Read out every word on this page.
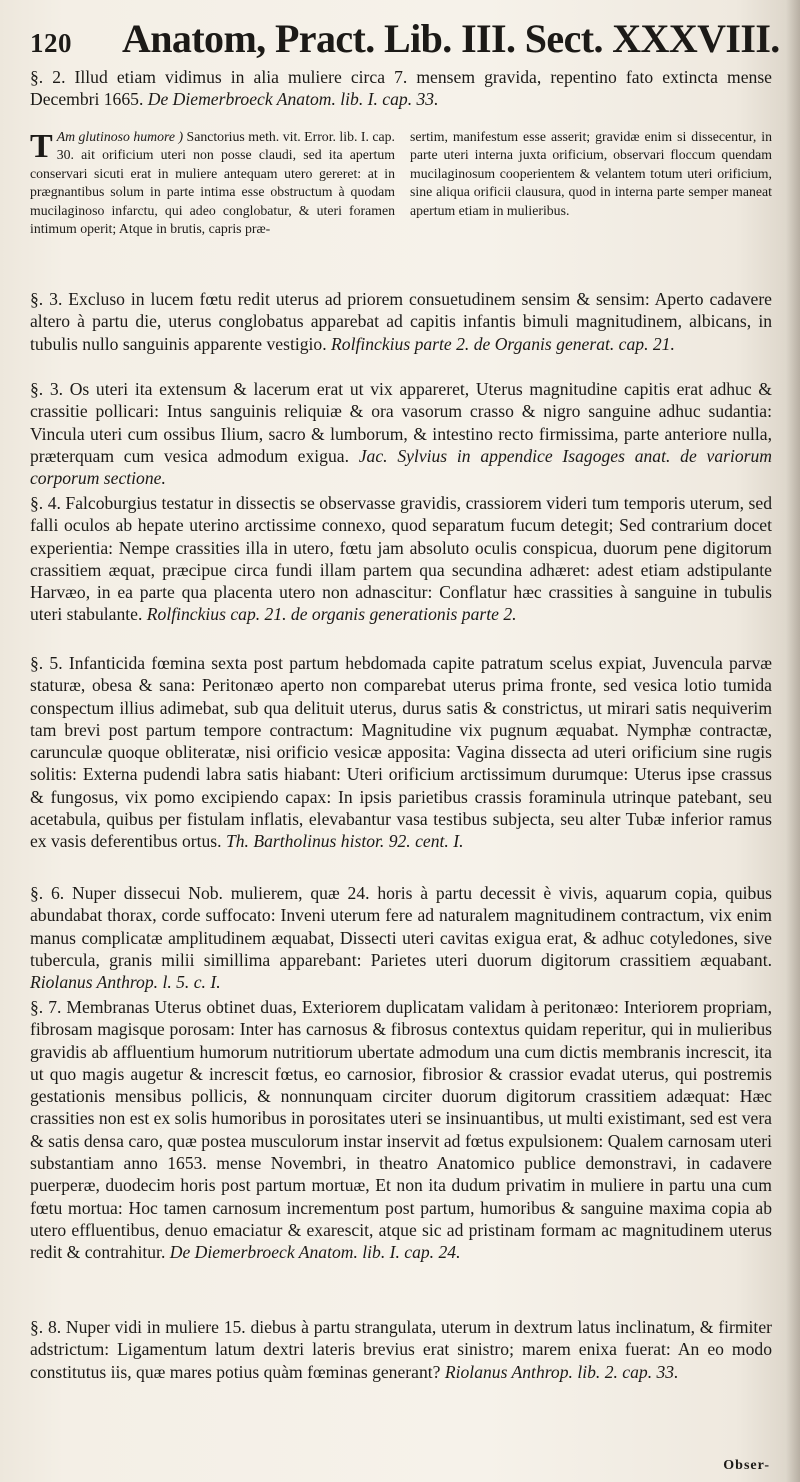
120 Anatom, Pract. Lib. III. Sect. XXXVIII.

§. 2. Illud etiam vidimus in alia muliere circa 7. mensem gravida, repentino fato extincta mense Decembri 1665. De Diemerbroeck Anatom. lib. I. cap. 33.

T Am glutinoso humore ) Sanctorius meth. vit. Error. lib. I. cap. 30. ait orificium uteri non posse claudi, sed ita apertum conservari sicuti erat in muliere antequam utero gereret: at in prægnantibus solum in parte intima esse obstructum à quodam mucilaginoso infarctu, qui adeo conglobatur, & uteri foramen intimum operit; Atque in brutis, capris præ-

sertim, manifestum esse asserit; gravidæ enim si dissecentur, in parte uteri interna juxta orificium, observari floccum quendam mucilaginosum cooperientem & velantem totum uteri orificium, sine aliqua orificii clausura, quod in interna parte semper maneat apertum etiam in mulieribus.

§. 3. Excluso in lucem fœtu redit uterus ad priorem consuetudinem sensim & sensim: Aperto cadavere altero à partu die, uterus conglobatus apparebat ad capitis infantis bimuli magnitudinem, albicans, in tubulis nullo sanguinis apparente vestigio. Rolfinckius parte 2. de Organis generat. cap. 21.

§. 3. Os uteri ita extensum & lacerum erat ut vix appareret, Uterus magnitudine capitis erat adhuc & crassitie pollicari: Intus sanguinis reliquiæ & ora vasorum crasso & nigro sanguine adhuc sudantia: Vincula uteri cum ossibus Ilium, sacro & lumborum, & intestino recto firmissima, parte anteriore nulla, præterquam cum vesica admodum exigua. Jac. Sylvius in appendice Isagoges anat. de variorum corporum sectione.

§. 4. Falcoburgius testatur in dissectis se observasse gravidis, crassiorem videri tum temporis uterum, sed falli oculos ab hepate uterino arctissime connexo, quod separatum fucum detegit; Sed contrarium docet experientia: Nempe crassities illa in utero, fœtu jam absoluto oculis conspicua, duorum pene digitorum crassitiem æquat, præcipue circa fundi illam partem qua secundina adhæret: adest etiam adstipulante Harvæo, in ea parte qua placenta utero non adnascitur: Conflatur hæc crassities à sanguine in tubulis uteri stabulante. Rolfinckius cap. 21. de organis generationis parte 2.

§. 5. Infanticida fœmina sexta post partum hebdomada capite patratum scelus expiat, Juvencula parvæ staturæ, obesa & sana: Peritonæo aperto non comparebat uterus prima fronte, sed vesica lotio tumida conspectum illius adimebat, sub qua delituit uterus, durus satis & constrictus, ut mirari satis nequiverim tam brevi post partum tempore contractum: Magnitudine vix pugnum æquabat. Nymphæ contractæ, carunculæ quoque obliteratæ, nisi orificio vesicæ apposita: Vagina dissecta ad uteri orificium sine rugis solitis: Externa pudendi labra satis hiabant: Uteri orificium arctissimum durumque: Uterus ipse crassus & fungosus, vix pomo excipiendo capax: In ipsis parietibus crassis foraminula utrinque patebant, seu acetabula, quibus per fistulam inflatis, elevabantur vasa testibus subjecta, seu alter Tubæ inferior ramus ex vasis deferentibus ortus. Th. Bartholinus histor. 92. cent. I.

§. 6. Nuper dissecui Nob. mulierem, quæ 24. horis à partu decessit è vivis, aquarum copia, quibus abundabat thorax, corde suffocato: Inveni uterum fere ad naturalem magnitudinem contractum, vix enim manus complicatæ amplitudinem æquabat, Dissecti uteri cavitas exigua erat, & adhuc cotyledones, sive tubercula, granis milii simillima apparebant: Parietes uteri duorum digitorum crassitiem æquabant. Riolanus Anthrop. l. 5. c. I.

§. 7. Membranas Uterus obtinet duas, Exteriorem duplicatam validam à peritonæo: Interiorem propriam, fibrosam magisque porosam: Inter has carnosus & fibrosus contextus quidam reperitur, qui in mulieribus gravidis ab affluentium humorum nutritiorum ubertate admodum una cum dictis membranis increscit, ita ut quo magis augetur & increscit fœtus, eo carnosior, fibrosior & crassior evadat uterus, qui postremis gestationis mensibus pollicis, & nonnunquam circiter duorum digitorum crassitiem adæquat: Hæc crassities non est ex solis humoribus in porositates uteri se insinuantibus, ut multi existimant, sed est vera & satis densa caro, quæ postea musculorum instar inservit ad fœtus expulsionem: Qualem carnosam uteri substantiam anno 1653. mense Novembri, in theatro Anatomico publice demonstravi, in cadavere puerperæ, duodecim horis post partum mortuæ, Et non ita dudum privatim in muliere in partu una cum fœtu mortua: Hoc tamen carnosum incrementum post partum, humoribus & sanguine maxima copia ab utero effluentibus, denuo emaciatur & exarescit, atque sic ad pristinam formam ac magnitudinem uterus redit & contrahitur. De Diemerbroeck Anatom. lib. I. cap. 24.

§. 8. Nuper vidi in muliere 15. diebus à partu strangulata, uterum in dextrum latus inclinatum, & firmiter adstrictum: Ligamentum latum dextri lateris brevius erat sinistro; marem enixa fuerat: An eo modo constitutus iis, quæ mares potius quàm fœminas generant? Riolanus Anthrop. lib. 2. cap. 33.

Obser-
